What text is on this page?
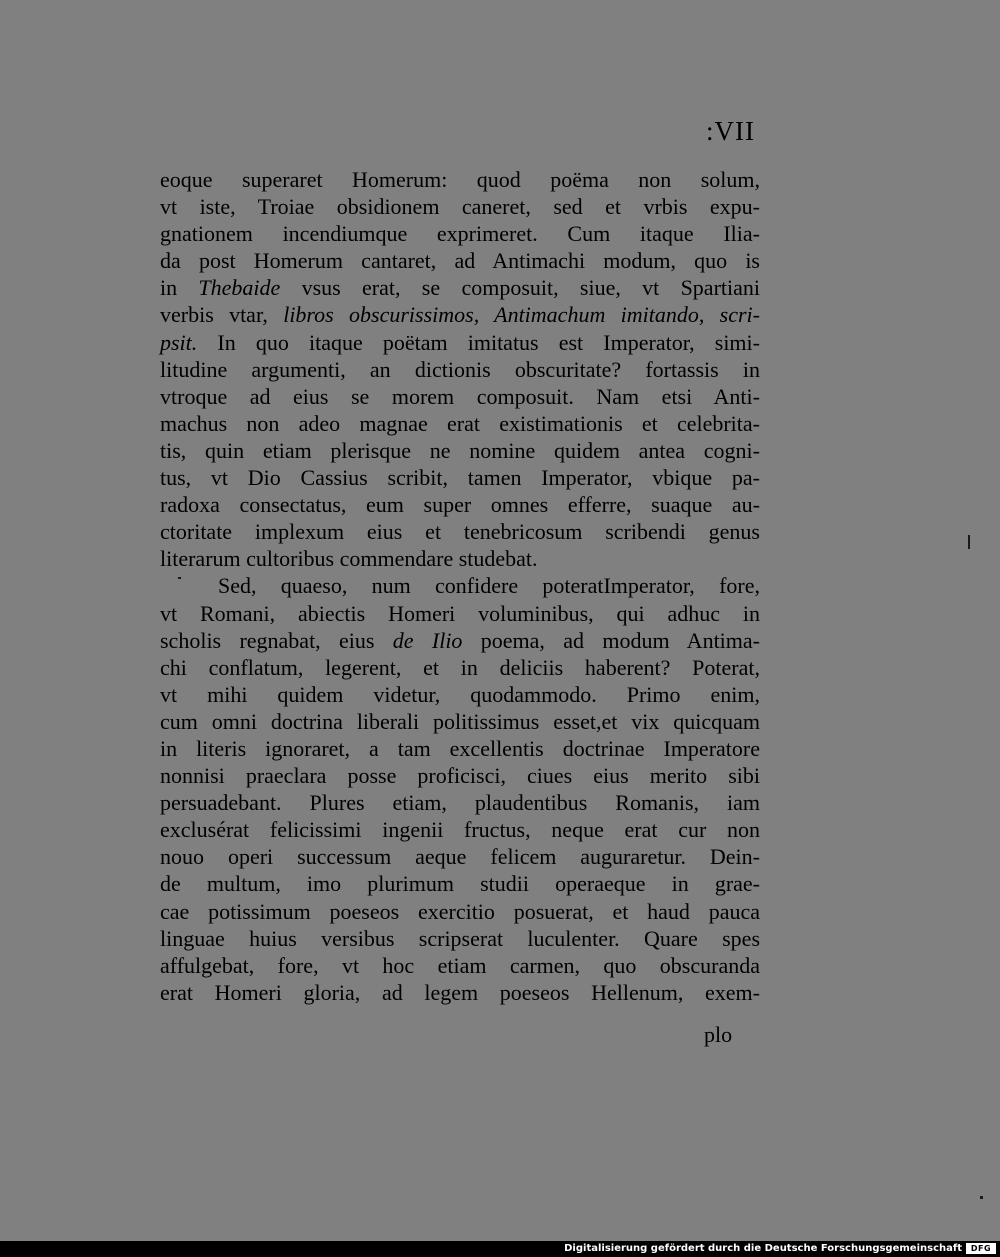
:VII
eoque superaret Homerum: quod poëma non solum,
vt iste, Troiae obsidionem caneret, sed et vrbis expu-
gnationem incendiumque exprimeret. Cum itaque Ilia-
da post Homerum cantaret, ad Antimachi modum, quo is
in Thebaide vsus erat, se composuit, siue, vt Spartiani
verbis vtar, libros obscurissimos, Antimachum imitando, scri-
psit. In quo itaque poëtam imitatus est Imperator, simi-
litudine argumenti, an dictionis obscuritate? fortassis in
vtroque ad eius se morem composuit. Nam etsi Anti-
machus non adeo magnae erat existimationis et celebrita-
tis, quin etiam plerisque ne nomine quidem antea cogni-
tus, vt Dio Cassius scribit, tamen Imperator, vbique pa-
radoxa consectatus, eum super omnes efferre, suaque au-
ctoritate implexum eius et tenebricosum scribendi genus
literarum cultoribus commendare studebat.
Sed, quaeso, num confidere poteratImperator, fore,
vt Romani, abiectis Homeri voluminibus, qui adhuc in
scholis regnabat, eius de Ilio poema, ad modum Antima-
chi conflatum, legerent, et in deliciis haberent? Poterat,
vt mihi quidem videtur, quodammodo. Primo enim,
cum omni doctrina liberali politissimus esset,et vix quicquam
in literis ignoraret, a tam excellentis doctrinae Imperatore
nonnisi praeclara posse proficisci, ciues eius merito sibi
persuadebant. Plures etiam, plaudentibus Romanis, iam
exclusérat felicissimi ingenii fructus, neque erat cur non
nouo operi successum aeque felicem auguraretur. Dein-
de multum, imo plurimum studii operaeque in grae-
cae potissimum poeseos exercitio posuerat, et haud pauca
linguae huius versibus scripserat luculenter. Quare spes
affulgebat, fore, vt hoc etiam carmen, quo obscuranda
erat Homeri gloria, ad legem poeseos Hellenum, exem-
plo
Digitalisierung gefördert durch die Deutsche Forschungsgemeinschaft	DFG
